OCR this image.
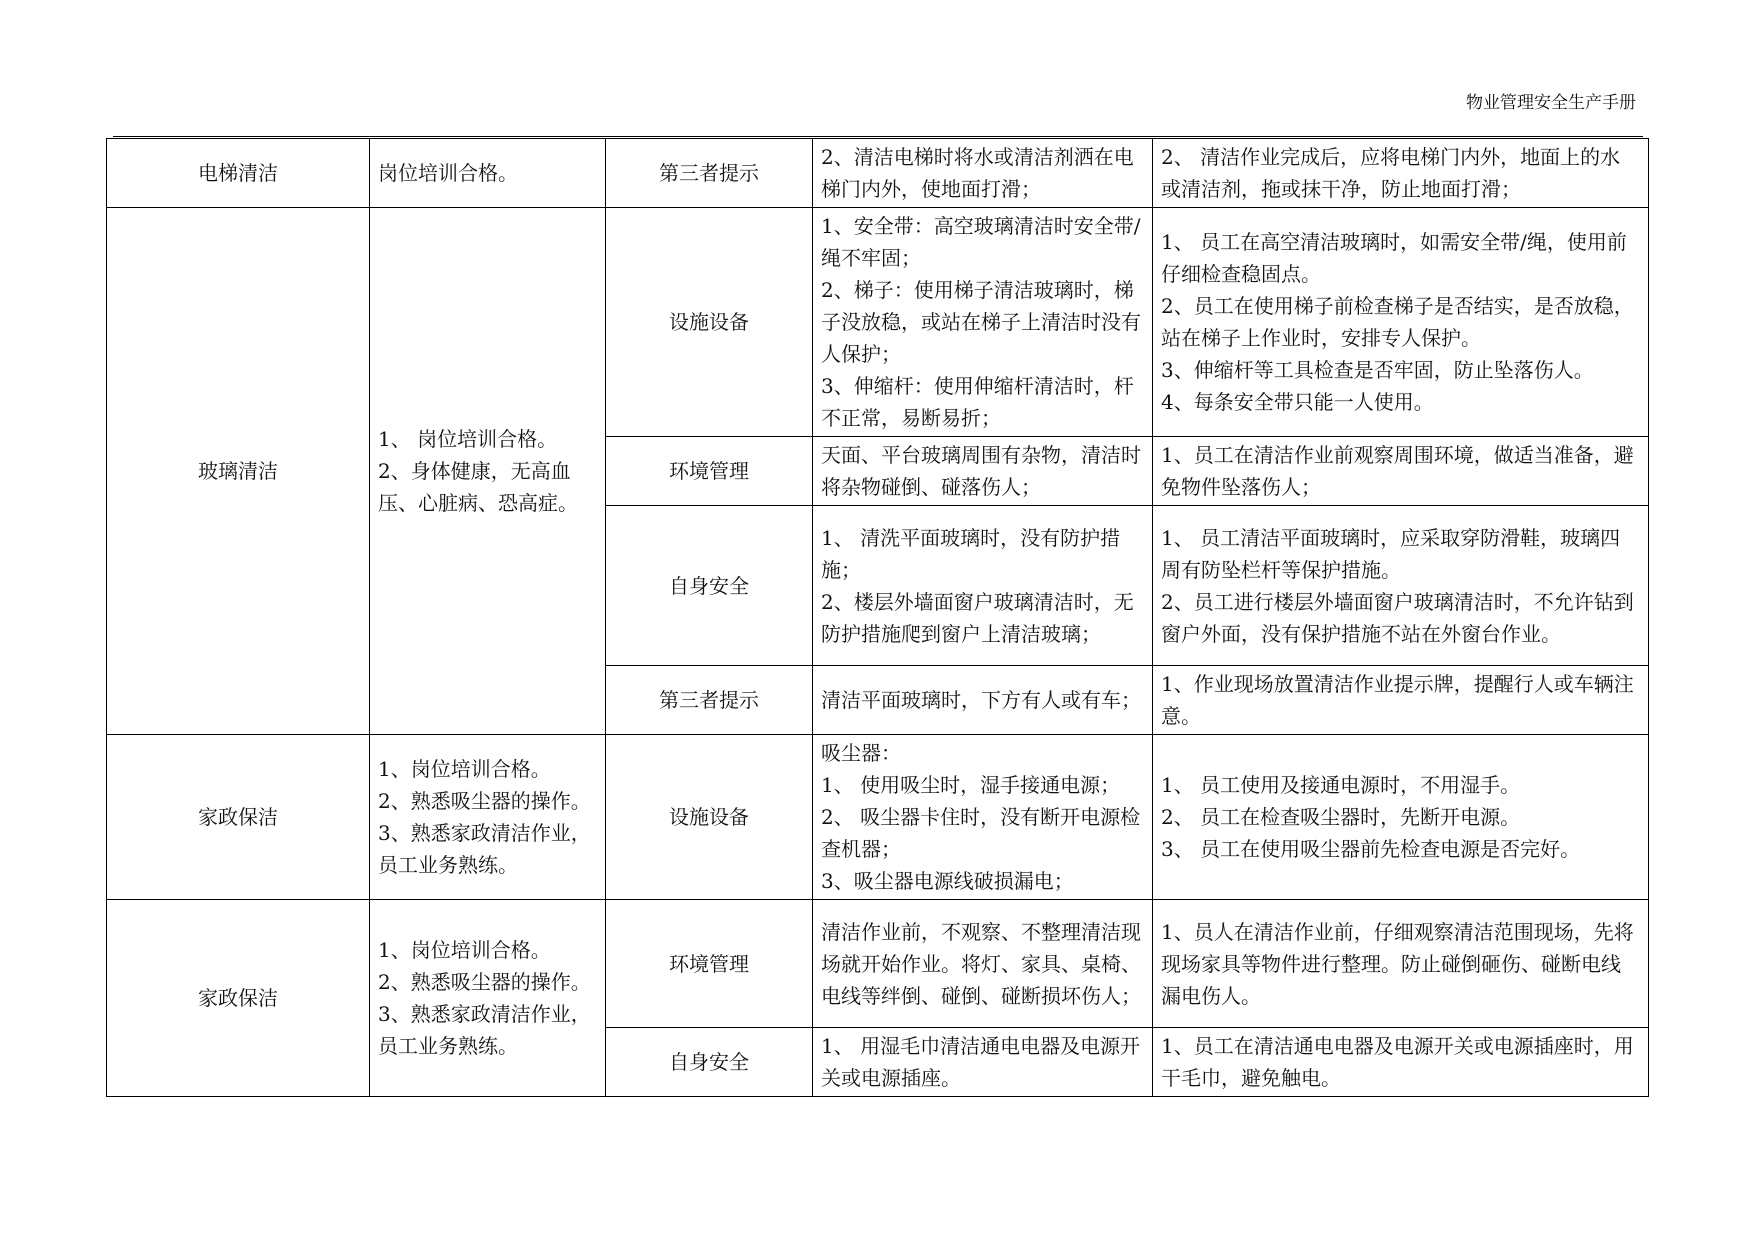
物业管理安全生产手册
电梯清洁	岗位培训合格。	第三者提示	2、清洁电梯时将水或清洁剂洒在电梯门内外，使地面打滑；	2、 清洁作业完成后，应将电梯门内外，地面上的水或清洁剂，拖或抹干净，防止地面打滑；

玻璃清洁	1、 岗位培训合格。
2、身体健康，无高血压、心脏病、恐高症。	设施设备	1、安全带：高空玻璃清洁时安全带/绳不牢固；
2、梯子：使用梯子清洁玻璃时，梯子没放稳，或站在梯子上清洁时没有人保护；
3、伸缩杆：使用伸缩杆清洁时，杆不正常，易断易折；	1、 员工在高空清洁玻璃时，如需安全带/绳，使用前仔细检查稳固点。
2、员工在使用梯子前检查梯子是否结实，是否放稳，站在梯子上作业时，安排专人保护。
3、伸缩杆等工具检查是否牢固，防止坠落伤人。
4、每条安全带只能一人使用。

		环境管理	天面、平台玻璃周围有杂物，清洁时将杂物碰倒、碰落伤人；	1、员工在清洁作业前观察周围环境，做适当准备，避免物件坠落伤人；

		自身安全	1、 清洗平面玻璃时，没有防护措施；
2、楼层外墙面窗户玻璃清洁时，无防护措施爬到窗户上清洁玻璃；	1、 员工清洁平面玻璃时，应采取穿防滑鞋，玻璃四周有防坠栏杆等保护措施。
2、员工进行楼层外墙面窗户玻璃清洁时，不允许钻到窗户外面，没有保护措施不站在外窗台作业。

		第三者提示	清洁平面玻璃时，下方有人或有车；	1、作业现场放置清洁作业提示牌，提醒行人或车辆注意。

家政保洁	1、岗位培训合格。
2、熟悉吸尘器的操作。
3、熟悉家政清洁作业，员工业务熟练。	设施设备	吸尘器：
1、 使用吸尘时，湿手接通电源；
2、 吸尘器卡住时，没有断开电源检查机器；
3、吸尘器电源线破损漏电；	1、 员工使用及接通电源时，不用湿手。
2、 员工在检查吸尘器时，先断开电源。
3、 员工在使用吸尘器前先检查电源是否完好。

家政保洁	1、岗位培训合格。
2、熟悉吸尘器的操作。
3、熟悉家政清洁作业，员工业务熟练。	环境管理	清洁作业前，不观察、不整理清洁现场就开始作业。将灯、家具、桌椅、电线等绊倒、碰倒、碰断损坏伤人；	1、员人在清洁作业前，仔细观察清洁范围现场，先将现场家具等物件进行整理。防止碰倒砸伤、碰断电线漏电伤人。

		自身安全	1、 用湿毛巾清洁通电电器及电源开关或电源插座。	1、员工在清洁通电电器及电源开关或电源插座时，用干毛巾，避免触电。
